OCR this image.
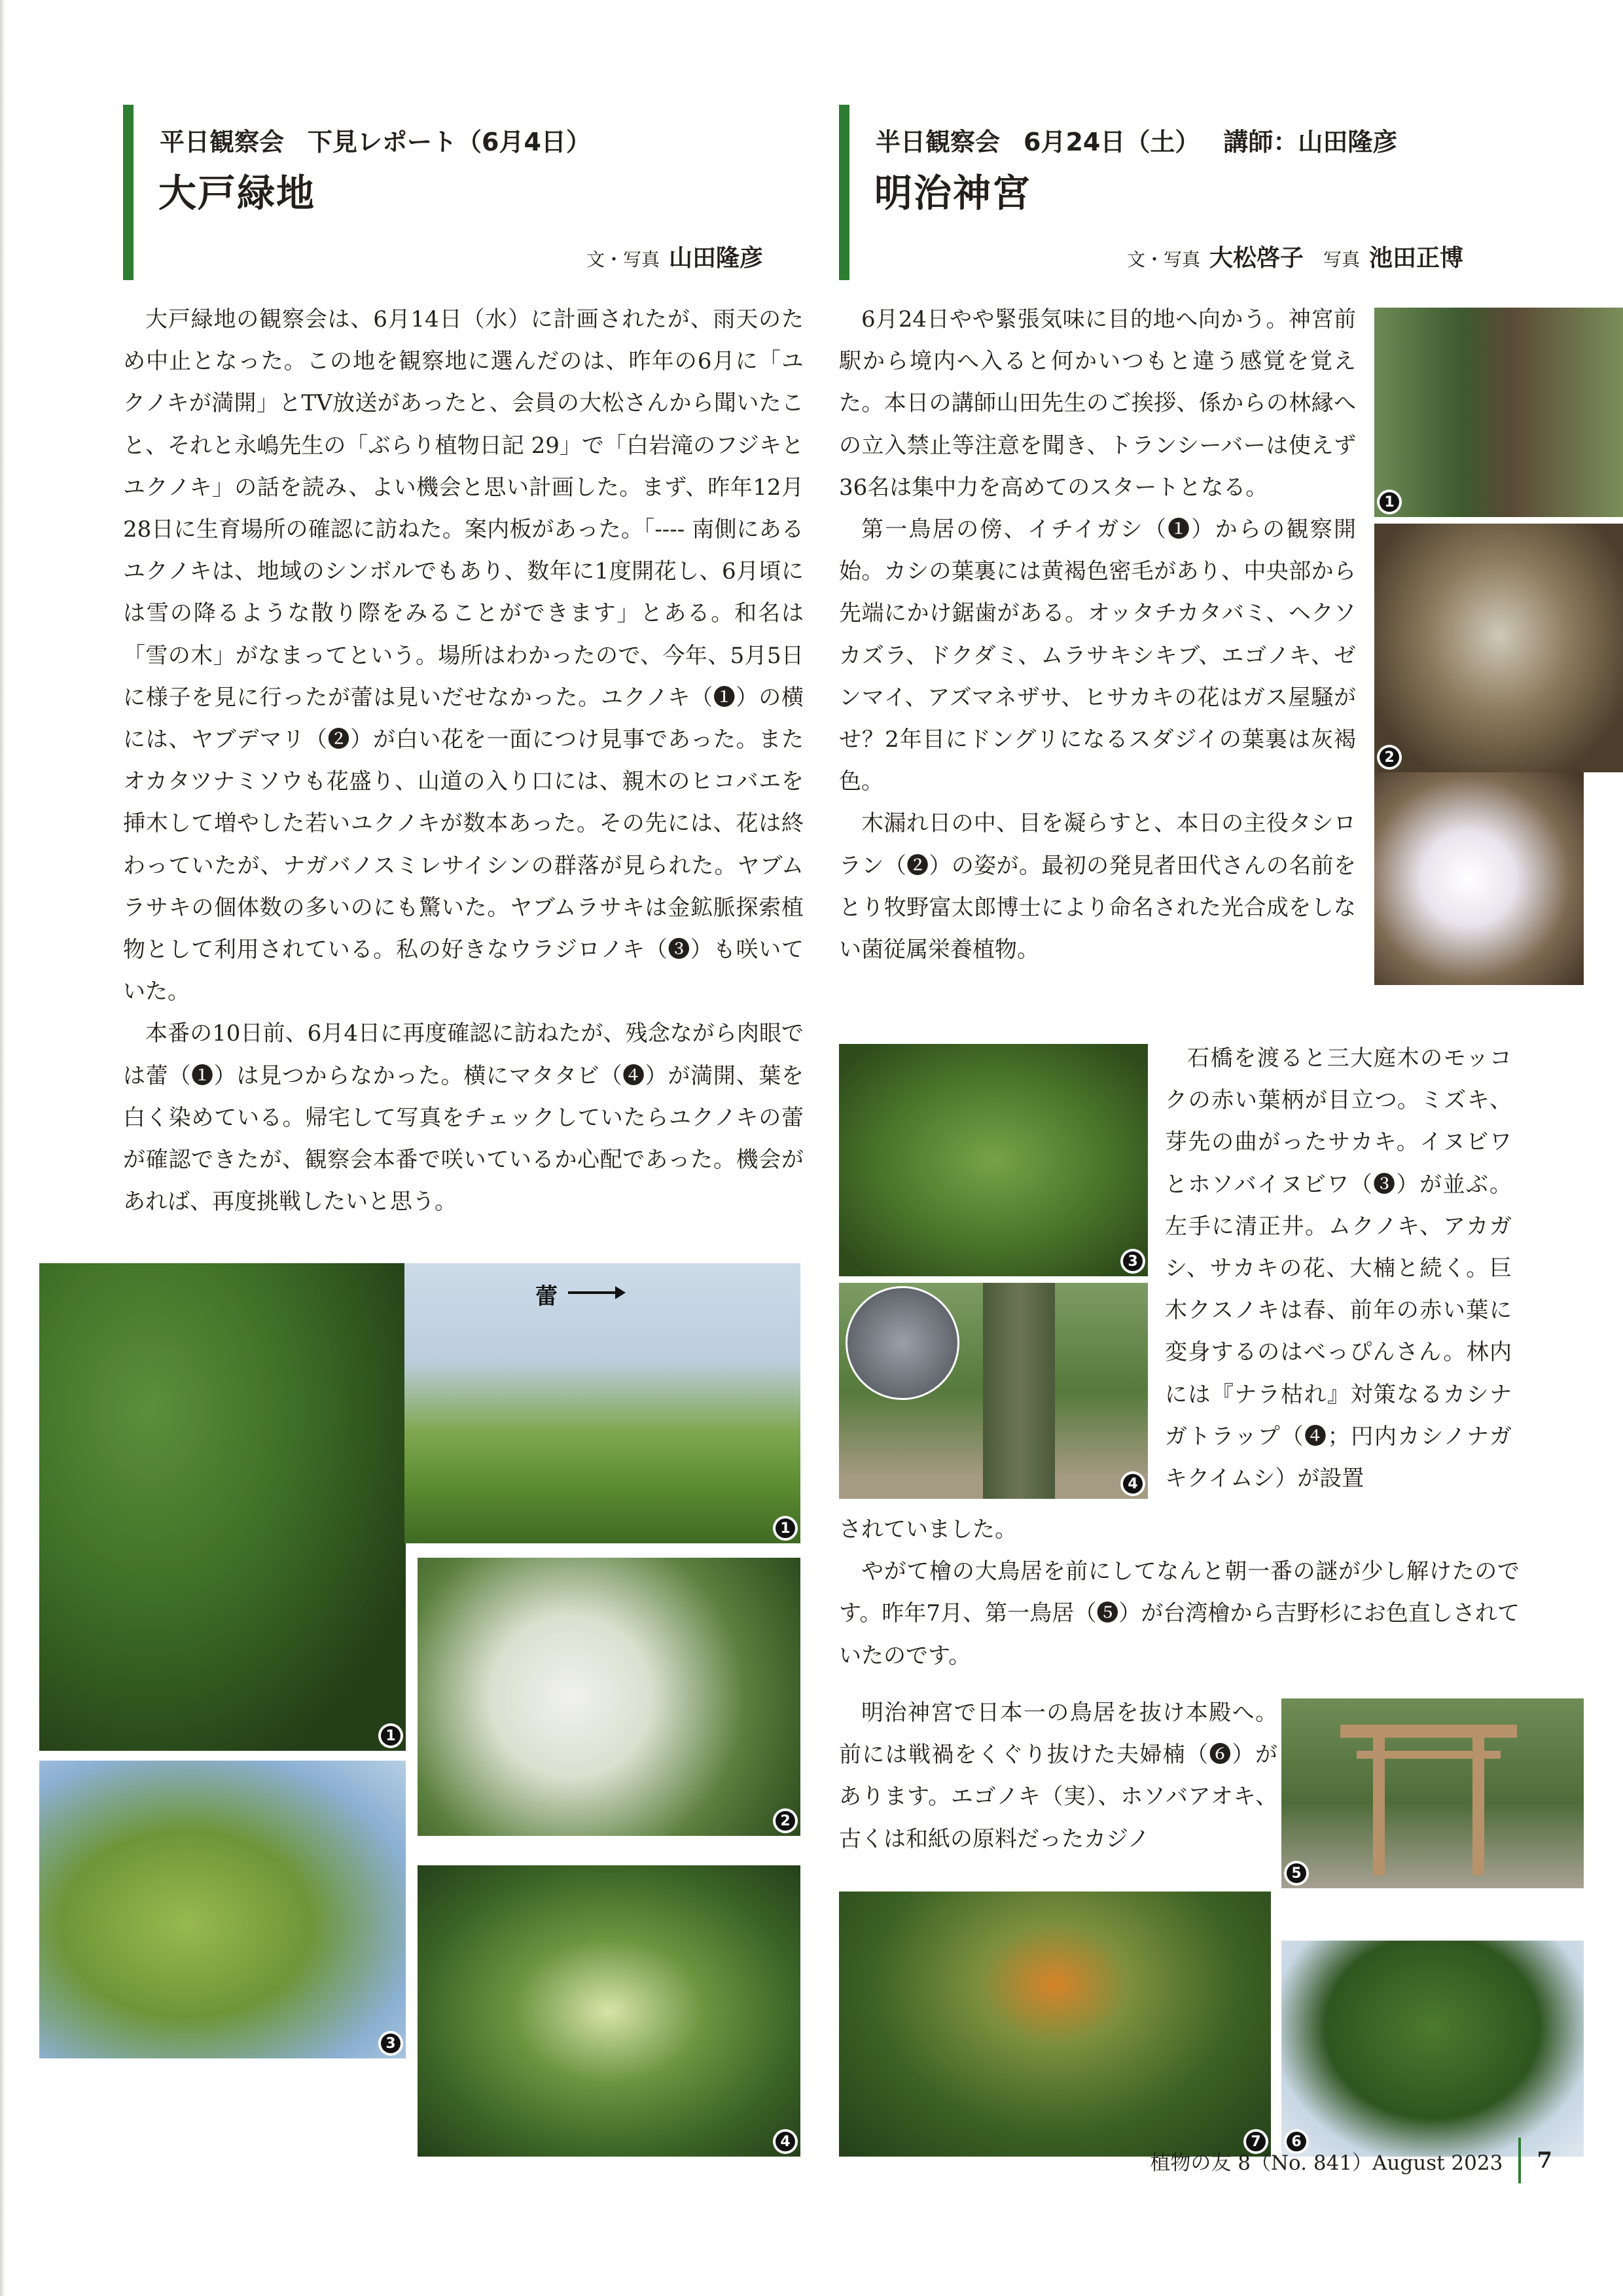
平日観察会 下見レポート（6月4日）
大戸緑地
文・写真 山田隆彦
半日観察会 6月24日（土） 講師：山田隆彦
明治神宮
文・写真 大松啓子 写真 池田正博

大戸緑地の観察会は、6月14日（水）に計画されたが、雨天のため中止となった。この地を観察地に選んだのは、昨年の6月に「ユクノキが満開」とTV放送があったと、会員の大松さんから聞いたこと、それと永嶋先生の「ぶらり植物日記 29」で「白岩滝のフジキとユクノキ」の話を読み、よい機会と思い計画した。まず、昨年12月28日に生育場所の確認に訪ねた。案内板があった。「---- 南側にあるユクノキは、地域のシンボルでもあり、数年に1度開花し、6月頃には雪の降るような散り際をみることができます」とある。和名は「雪の木」がなまってという。場所はわかったので、今年、5月5日に様子を見に行ったが蕾は見いだせなかった。ユクノキ（❶）の横には、ヤブデマリ（❷）が白い花を一面につけ見事であった。またオカタツナミソウも花盛り、山道の入り口には、親木のヒコバエを挿木して増やした若いユクノキが数本あった。その先には、花は終わっていたが、ナガバノスミレサイシンの群落が見られた。ヤブムラサキの個体数の多いのにも驚いた。ヤブムラサキは金鉱脈探索植物として利用されている。私の好きなウラジロノキ（❸）も咲いていた。

本番の10日前、6月4日に再度確認に訪ねたが、残念ながら肉眼では蕾（❶）は見つからなかった。横にマタタビ（❹）が満開、葉を白く染めている。帰宅して写真をチェックしていたらユクノキの蕾が確認できたが、観察会本番で咲いているか心配であった。機会があれば、再度挑戦したいと思う。

6月24日やや緊張気味に目的地へ向かう。神宮前駅から境内へ入ると何かいつもと違う感覚を覚えた。本日の講師山田先生のご挨拶、係からの林縁への立入禁止等注意を聞き、トランシーバーは使えず36名は集中力を高めてのスタートとなる。

第一鳥居の傍、イチイガシ（❶）からの観察開始。カシの葉裏には黄褐色密毛があり、中央部から先端にかけ鋸歯がある。オッタチカタバミ、ヘクソカズラ、ドクダミ、ムラサキシキブ、エゴノキ、ゼンマイ、アズマネザサ、ヒサカキの花はガス屋騒がせ？2年目にドングリになるスダジイの葉裏は灰褐色。

木漏れ日の中、目を凝らすと、本日の主役タシロラン（❷）の姿が。最初の発見者田代さんの名前をとり牧野富太郎博士により命名された光合成をしない菌従属栄養植物。

石橋を渡ると三大庭木のモッコクの赤い葉柄が目立つ。ミズキ、芽先の曲がったサカキ。イヌビワとホソバイヌビワ（❸）が並ぶ。左手に清正井。ムクノキ、アカガシ、サカキの花、大楠と続く。巨木クスノキは春、前年の赤い葉に変身するのはべっぴんさん。林内には『ナラ枯れ』対策なるカシナガトラップ（❹；円内カシノナガキクイムシ）が設置

されていました。

やがて檜の大鳥居を前にしてなんと朝一番の謎が少し解けたのです。昨年7月、第一鳥居（❺）が台湾檜から吉野杉にお色直しされていたのです。

明治神宮で日本一の鳥居を抜け本殿へ。前には戦禍をくぐり抜けた夫婦楠（❻）があります。エゴノキ（実）、ホソバアオキ、古くは和紙の原料だったカジノ

1
1
蕾
2
3
4
1
2
3
4
5
6
7
植物の友 8（No. 841）August 2023 7
